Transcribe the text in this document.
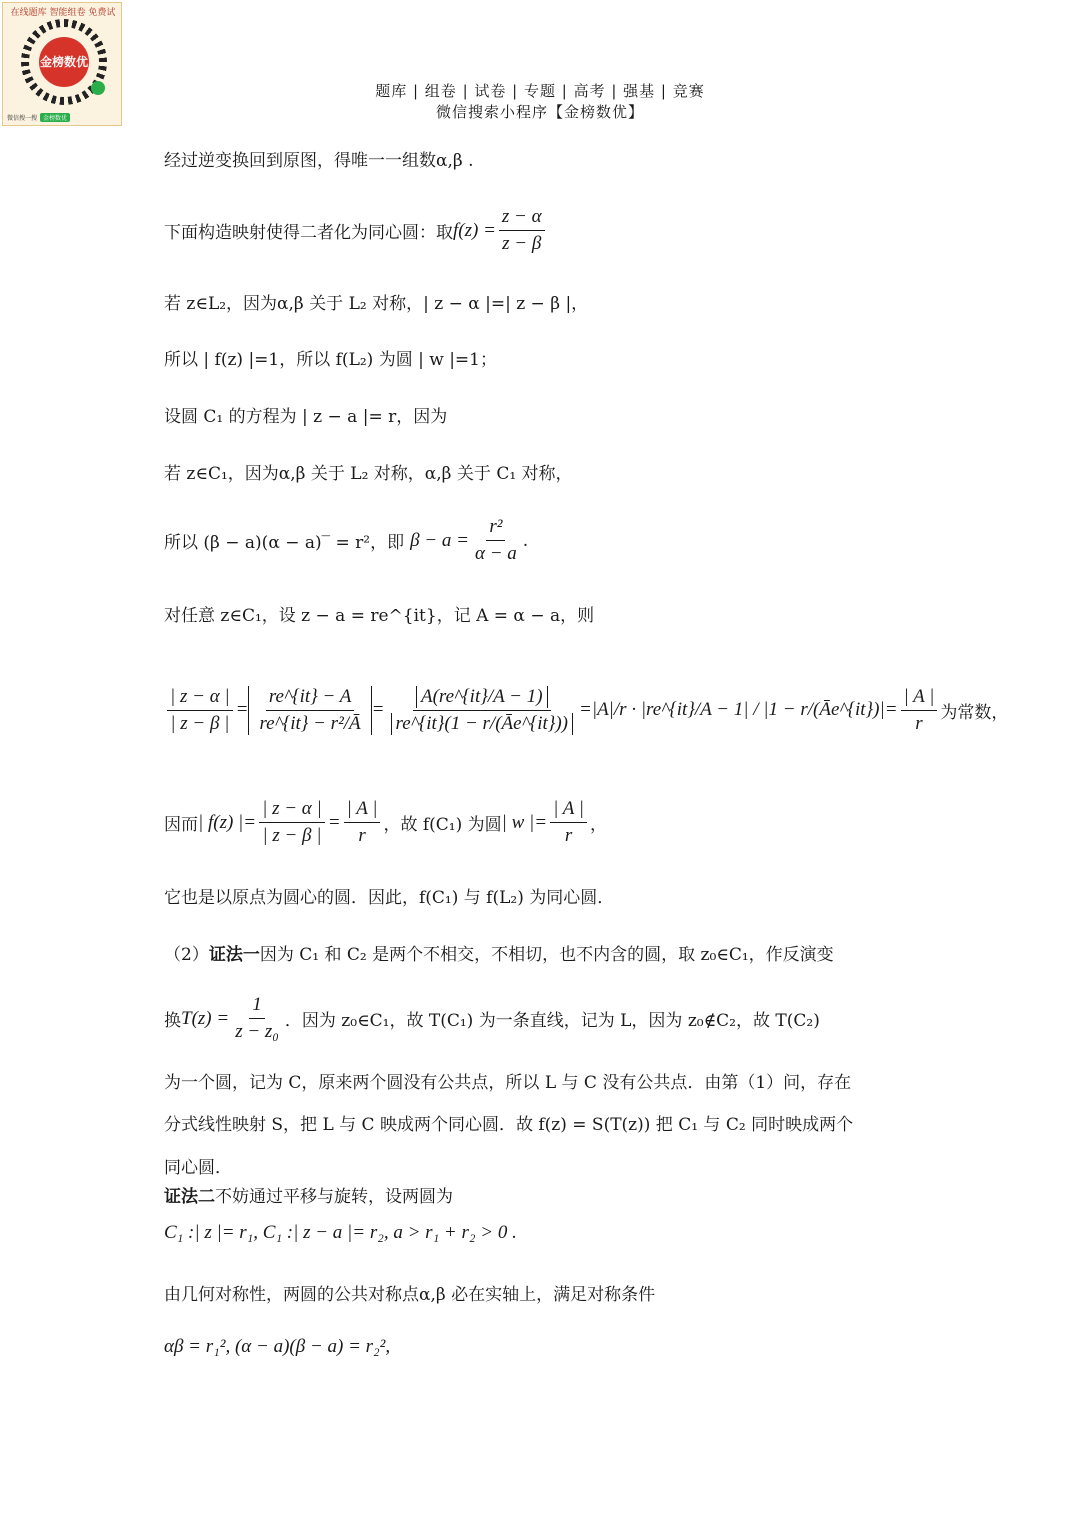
在线题库 智能组卷 免费试
金榜数优
微信搜一搜	金榜数优
题库 | 组卷 | 试卷 | 专题 | 高考 | 强基 | 竞赛
微信搜索小程序【金榜数优】
经过逆变换回到原图，得唯一一组数α,β .
下面构造映射使得二者化为同心圆：取 $f(z) = \frac{z - \alpha}{z - \beta}$
若 z∈L₂，因为α,β 关于 L₂ 对称，| z − α |=| z − β |，
所以 | f(z) |=1，所以 f(L₂) 为圆 | w |=1；
设圆 C₁ 的方程为 | z − a |= r，因为
若 z∈C₁，因为α,β 关于 L₂ 对称，α,β 关于 C₁ 对称，
所以 (β − a)(α − a)‾ = r²，即 $\beta - a = \frac{\text{r²}}{\alpha - a}$ .
对任意 z∈C₁，设 z − a = re^{it}，记 A = α − a，则
$\frac{| z - \alpha |}{| z - \beta |} = \frac{re\^{}\{it\} - A}{\text{re\textasciicircum{}\{it\} − r²/Ā}} = \frac{A(re\^{}\{it\}/A - 1)}{re\^{}\{it\}(1 - r/(Āe\^{}\{it\}))} = |A|/r$ · |re^{it}/A − 1| / |1 − r/(Āe^{it})| = $\frac{| A |}{r}$ 为常数，
因而 | f(z) |= $\frac{| z - \alpha |}{| z - \beta |} = \frac{| A |}{r}$ ，故 f(C₁) 为圆 | w |= $\frac{| A |}{r}$ ，
它也是以原点为圆心的圆．因此，f(C₁) 与 f(L₂) 为同心圆．
（2） 证法一 因为 C₁ 和 C₂ 是两个不相交，不相切，也不内含的圆，取 z₀∈C₁，作反演变
换 $T(z) = \frac{1}{\text{z − z₀}}$ ．因为 z₀∈C₁，故 T(C₁) 为一条直线，记为 L，因为 z₀∉C₂，故 T(C₂)
为一个圆，记为 C，原来两个圆没有公共点，所以 L 与 C 没有公共点．由第（1）问，存在
分式线性映射 S，把 L 与 C 映成两个同心圆．故 f(z) = S(T(z)) 把 C₁ 与 C₂ 同时映成两个
同心圆．
证法二 不妨通过平移与旋转，设两圆为
C₁ :| z |= r₁, C₁ :| z − a |= r₂, a > r₁ + r₂ > 0 .
由几何对称性，两圆的公共对称点α,β 必在实轴上，满足对称条件
αβ = r₁², (α − a)(β − a) = r₂²,
